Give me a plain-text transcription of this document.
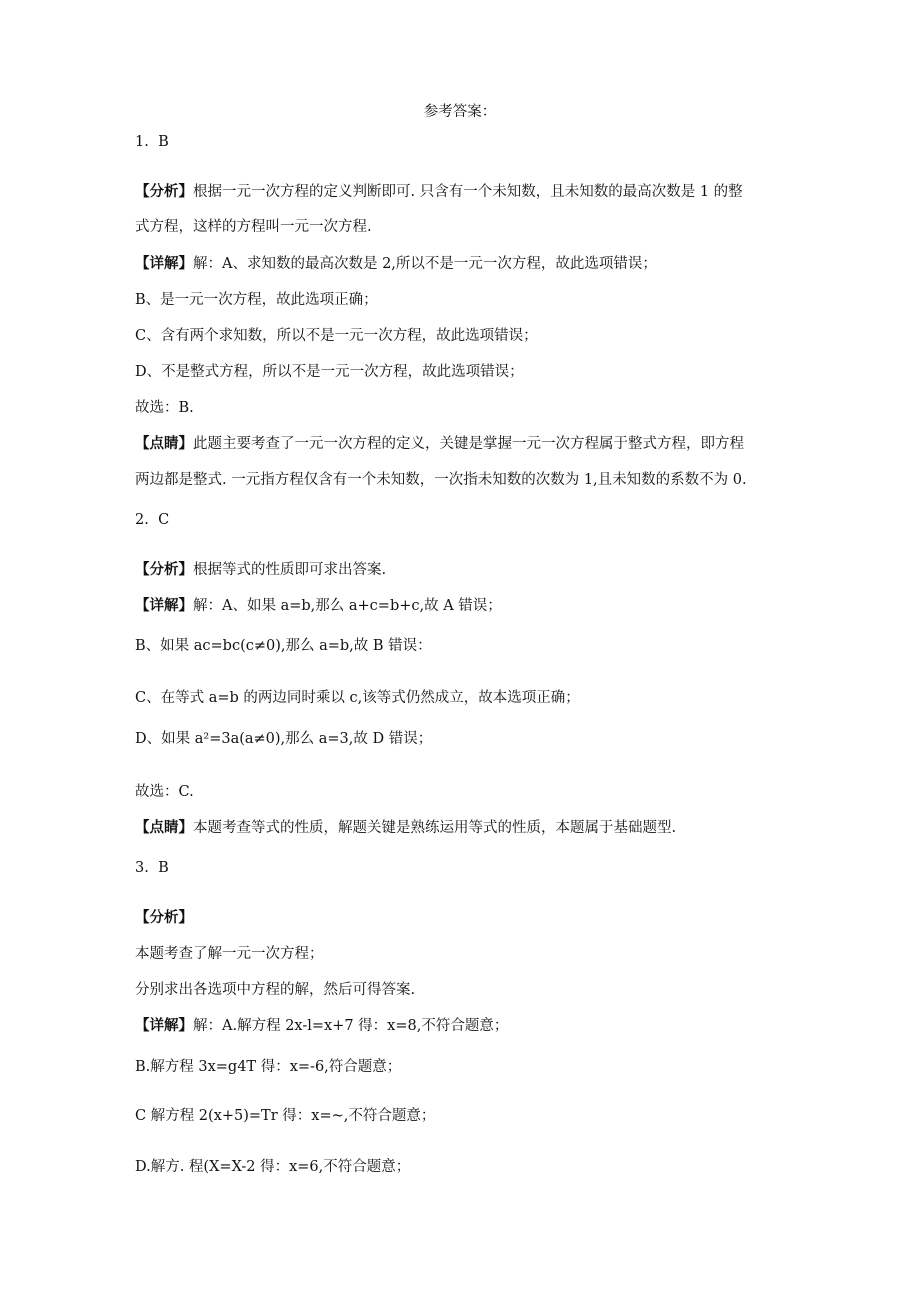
参考答案：
1. B
【分析】根据一元一次方程的定义判断即可. 只含有一个未知数，且未知数的最高次数是 1 的整
式方程，这样的方程叫一元一次方程.
【详解】解：A、求知数的最高次数是 2,所以不是一元一次方程，故此选项错误；
B、是一元一次方程，故此选项正确；
C、含有两个求知数，所以不是一元一次方程，故此选项错误；
D、不是整式方程，所以不是一元一次方程，故此选项错误；
故选：B.
【点睛】此题主要考查了一元一次方程的定义，关键是掌握一元一次方程属于整式方程，即方程
两边都是整式. 一元指方程仅含有一个未知数，一次指未知数的次数为 1,且未知数的系数不为 0.
2. C
【分析】根据等式的性质即可求出答案.
【详解】解：A、如果 a=b,那么 a+c=b+c,故 A 错误；
B、如果 ac=bc(c≠0),那么 a=b,故 B 错误：
C、在等式 a=b 的两边同时乘以 c,该等式仍然成立，故本选项正确；
D、如果 a²=3a(a≠0),那么 a=3,故 D 错误；
故选：C.
【点睛】本题考查等式的性质，解题关键是熟练运用等式的性质，本题属于基础题型.
3. B
【分析】
本题考查了解一元一次方程；
分别求出各选项中方程的解，然后可得答案.
【详解】解：A.解方程 2x-l=x+7 得：x=8,不符合题意；
B.解方程 3x=g4T 得：x=-6,符合题意；
C 解方程 2(x+5)=Tr 得：x=~,不符合题意；
D.解方. 程(X=X-2 得：x=6,不符合题意；
